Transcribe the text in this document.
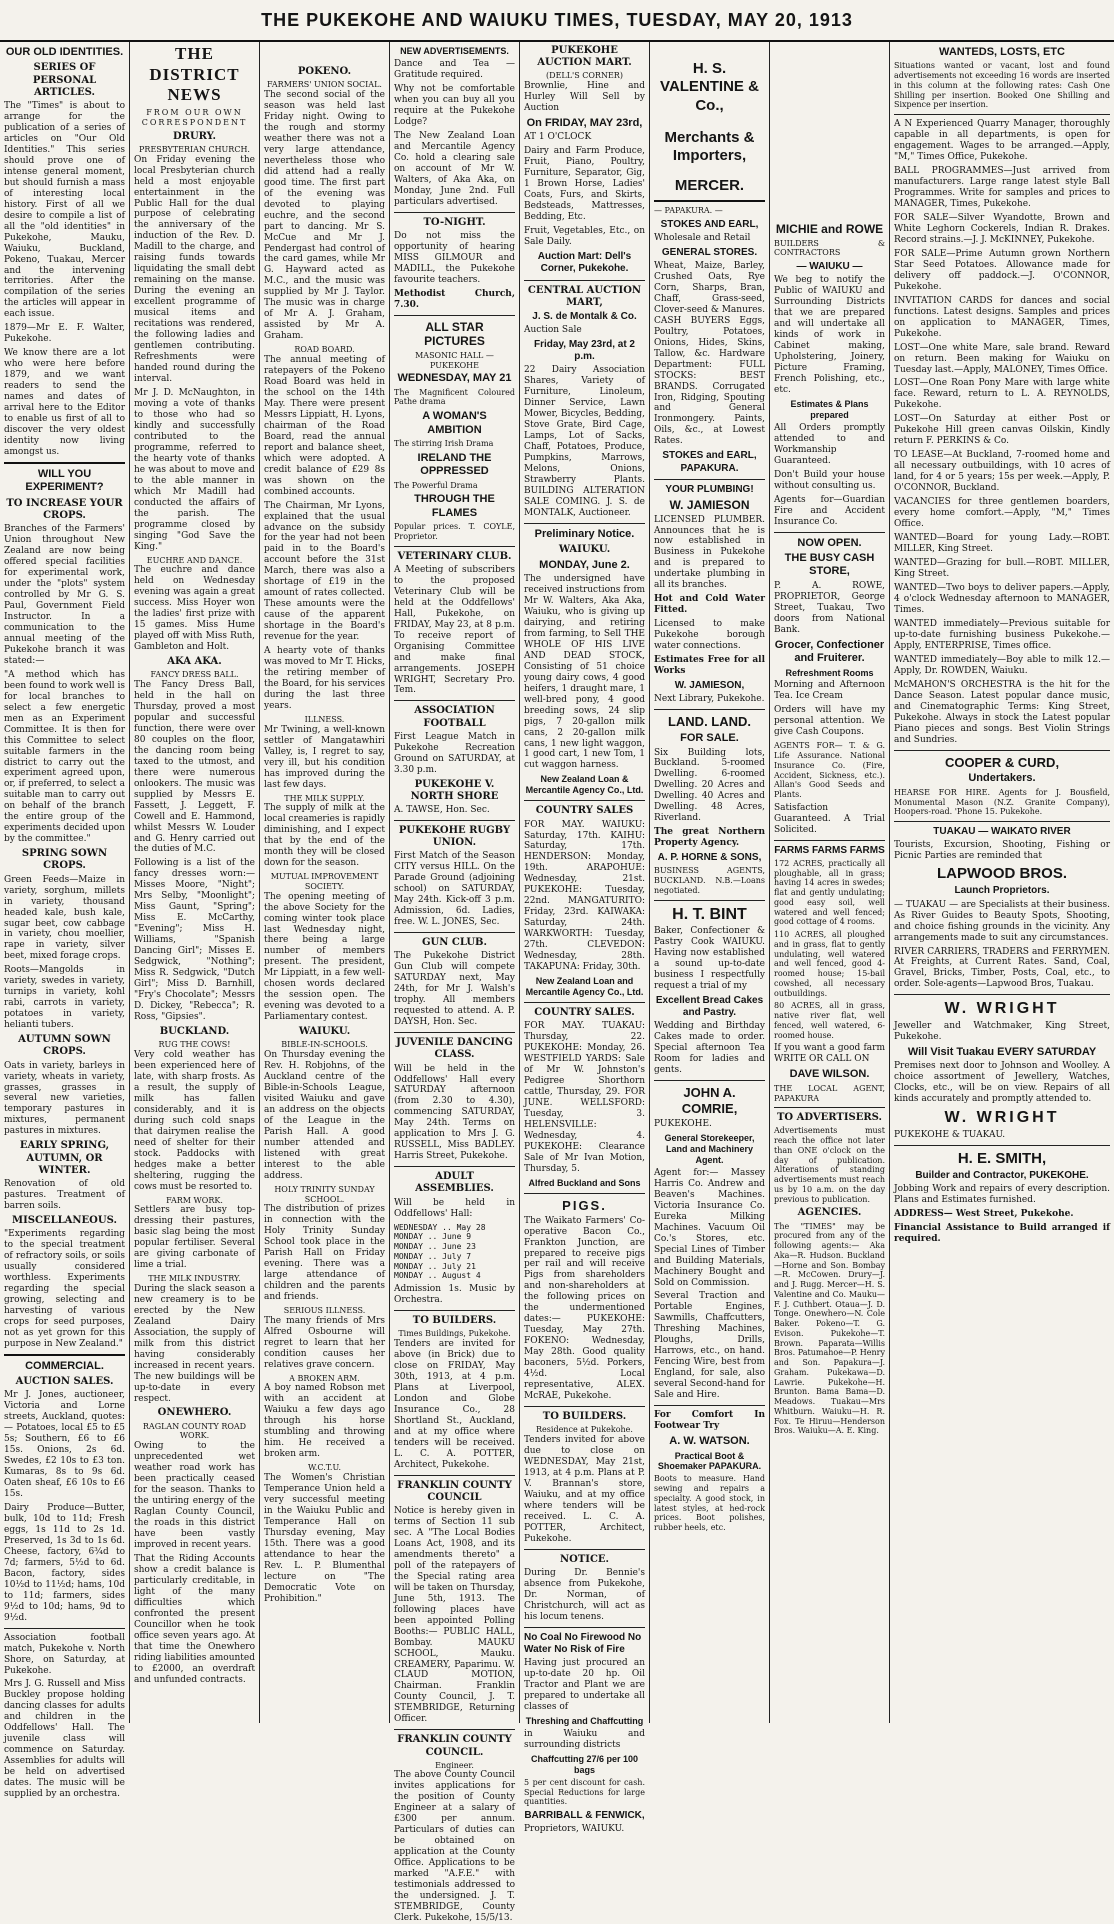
THE PUKEKOHE AND WAIUKU TIMES, TUESDAY, MAY 20, 1913
OUR OLD IDENTITIES.
SERIES OF PERSONAL ARTICLES.

The "Times" is about to arrange for the publication of a series of articles on "Our Old Identities." This series should prove one of intense general moment, but should furnish a mass of interesting local history. First of all we desire to compile a list of all the "old identities" in Pukekohe, Mauku, Waiuku, Buckland, Pokeno, Tuakau, Mercer and the intervening territories. After the compilation of the series the articles will appear in each issue.

1879—Mr E. F. Walter, Pukekohe.

We know there are a lot who were here before 1879, and we want readers to send the names and dates of arrival here to the Editor to enable us first of all to discover the very oldest identity now living amongst us.

WILL YOU EXPERIMENT?
TO INCREASE YOUR CROPS.

Branches of the Farmers' Union throughout New Zealand are now being offered special facilities for experimental work, under the "plots" system controlled by Mr G. S. Paul, Government Field Instructor. In a communication to the annual meeting of the Pukekohe branch it was stated:—

"A method which has been found to work well is for local branches to select a few energetic men as an Experiment Committee. It is then for this Committee to select suitable farmers in the district to carry out the experiment agreed upon, or, if preferred, to select a suitable man to carry out on behalf of the branch the entire group of the experiments decided upon by the committee."

SPRING SOWN CROPS.

Green Feeds—Maize in variety, sorghum, millets in variety, thousand headed kale, bush kale, sugar beet, cow cabbage in variety, chou moellier, rape in variety, silver beet, mixed forage crops.

Roots—Mangolds in variety, swedes in variety, turnips in variety, kohl rabi, carrots in variety, potatoes in variety, helianti tubers.

AUTUMN SOWN CROPS.

Oats in variety, barleys in variety, wheats in variety, grasses, grasses in several new varieties, temporary pastures in mixtures, permanent pastures in mixtures.

EARLY SPRING, AUTUMN, OR WINTER.

Renovation of old pastures. Treatment of barren soils.

MISCELLANEOUS.

"Experiments regarding to the special treatment of refractory soils, or soils usually considered worthless. Experiments regarding the special growing, selecting and harvesting of various crops for seed purposes, not as yet grown for this purpose in New Zealand."

COMMERCIAL.
AUCTION SALES.

Mr J. Jones, auctioneer, Victoria and Lorne streets, Auckland, quotes:— Potatoes, local £5 to £5 5s; Southern, £6 to £6 15s. Onions, 2s 6d. Swedes, £2 10s to £3 ton. Kumaras, 8s to 9s 6d. Oaten sheaf, £6 10s to £6 15s.

Dairy Produce—Butter, bulk, 10d to 11d; Fresh eggs, 1s 11d to 2s 1d. Preserved, 1s 3d to 1s 6d. Cheese, factory, 6¾d to 7d; farmers, 5½d to 6d. Bacon, factory, sides 10½d to 11½d; hams, 10d to 11d; farmers, sides 9½d to 10d; hams, 9d to 9½d.

Association football match, Pukekohe v. North Shore, on Saturday, at Pukekohe.

Mrs J. G. Russell and Miss Buckley propose holding dancing classes for adults and children in the Oddfellows' Hall. The juvenile class will commence on Saturday. Assemblies for adults will be held on advertised dates. The music will be supplied by an orchestra.

THE DISTRICT NEWS
FROM OUR OWN CORRESPONDENT
DRURY.
PRESBYTERIAN CHURCH.

On Friday evening the local Presbyterian church held a most enjoyable entertainment in the Public Hall for the dual purpose of celebrating the anniversary of the induction of the Rev. D. Madill to the charge, and raising funds towards liquidating the small debt remaining on the manse. During the evening an excellent programme of musical items and recitations was rendered, the following ladies and gentlemen contributing. Refreshments were handed round during the interval.

Mr J. D. McNaughton, in moving a vote of thanks to those who had so kindly and successfully contributed to the programme, referred to the hearty vote of thanks he was about to move and to the able manner in which Mr Madill had conducted the affairs of the parish. The programme closed by singing "God Save the King."

EUCHRE AND DANCE.

The euchre and dance held on Wednesday evening was again a great success. Miss Hoyer won the ladies' first prize with 15 games. Miss Hume played off with Miss Ruth, Gambleton and Holt.

AKA AKA.
FANCY DRESS BALL.

The Fancy Dress Ball, held in the hall on Thursday, proved a most popular and successful function, there were over 80 couples on the floor, the dancing room being taxed to the utmost, and there were numerous onlookers. The music was supplied by Messrs E. Fassett, J. Leggett, F. Cowell and E. Hammond, whilst Messrs W. Louder and G. Henry carried out the duties of M.C.

Following is a list of the fancy dresses worn:—Misses Moore, "Night"; Mrs Selby, "Moonlight"; Miss Gaunt, "Spring"; Miss E. McCarthy, "Evening"; Miss H. Williams, "Spanish Dancing Girl"; Misses E. Sedgwick, "Nothing"; Miss R. Sedgwick, "Dutch Girl"; Miss D. Barnhill, "Fry's Chocolate"; Messrs D. Dickey, "Rebecca"; R. Ross, "Gipsies".

BUCKLAND.
RUG THE COWS!

Very cold weather has been experienced here of late, with sharp frosts. As a result, the supply of milk has fallen considerably, and it is during such cold snaps that dairymen realise the need of shelter for their stock. Paddocks with hedges make a better sheltering, rugging the cows must be resorted to.

FARM WORK.

Settlers are busy top-dressing their pastures, basic slag being the most popular fertiliser. Several are giving carbonate of lime a trial.

THE MILK INDUSTRY.

During the slack season a new creamery is to be erected by the New Zealand Dairy Association, the supply of milk from this district having considerably increased in recent years. The new buildings will be up-to-date in every respect.

ONEWHERO.
RAGLAN COUNTY ROAD WORK.

Owing to the unprecedented wet weather road work has been practically ceased for the season. Thanks to the untiring energy of the Raglan County Council, the roads in this district have been vastly improved in recent years.

That the Riding Accounts show a credit balance is particularly creditable, in light of the many difficulties which confronted the present Councillor when he took office seven years ago. At that time the Onewhero riding liabilities amounted to £2000, an overdraft and unfunded contracts.

POKENO.
FARMERS' UNION SOCIAL.

The second social of the season was held last Friday night. Owing to the rough and stormy weather there was not a very large attendance, nevertheless those who did attend had a really good time. The first part of the evening was devoted to playing euchre, and the second part to dancing. Mr S. McCue and Mr J. Pendergast had control of the card games, while Mr G. Hayward acted as M.C., and the music was supplied by Mr J. Taylor. The music was in charge of Mr A. J. Graham, assisted by Mr A. Graham.

ROAD BOARD.

The annual meeting of ratepayers of the Pokeno Road Board was held in the school on the 14th May. There were present Messrs Lippiatt, H. Lyons, chairman of the Road Board, read the annual report and balance sheet, which were adopted. A credit balance of £29 8s was shown on the combined accounts.

The Chairman, Mr Lyons, explained that the usual advance on the subsidy for the year had not been paid in to the Board's account before the 31st March, there was also a shortage of £19 in the amount of rates collected. These amounts were the cause of the apparent shortage in the Board's revenue for the year.

A hearty vote of thanks was moved to Mr T. Hicks, the retiring member of the Board, for his services during the last three years.

ILLNESS.

Mr Twining, a well-known settler of Mangatawhiri Valley, is, I regret to say, very ill, but his condition has improved during the last few days.

THE MILK SUPPLY.

The supply of milk at the local creameries is rapidly diminishing, and I expect that by the end of the month they will be closed down for the season.

MUTUAL IMPROVEMENT SOCIETY.

The opening meeting of the above Society for the coming winter took place last Wednesday night, there being a large number of members present. The president, Mr Lippiatt, in a few well-chosen words declared the session open. The evening was devoted to a Parliamentary contest.

WAIUKU.
BIBLE-IN-SCHOOLS.

On Thursday evening the Rev. H. Robjohns, of the Auckland centre of the Bible-in-Schools League, visited Waiuku and gave an address on the objects of the League in the Parish Hall. A good number attended and listened with great interest to the able address.

HOLY TRINITY SUNDAY SCHOOL.

The distribution of prizes in connection with the Holy Trinity Sunday School took place in the Parish Hall on Friday evening. There was a large attendance of children and the parents and friends.

SERIOUS ILLNESS.

The many friends of Mrs Alfred Osbourne will regret to learn that her condition causes her relatives grave concern.

A BROKEN ARM.

A boy named Robson met with an accident at Waiuku a few days ago through his horse stumbling and throwing him. He received a broken arm.

W.C.T.U.

The Women's Christian Temperance Union held a very successful meeting in the Waiuku Public and Temperance Hall on Thursday evening, May 15th. There was a good attendance to hear the Rev. L. P. Blumenthal lecture on "The Democratic Vote on Prohibition."

NEW ADVERTISEMENTS.

Dance and Tea — Gratitude required.

Why not be comfortable when you can buy all you require at the Pukekohe Lodge?

The New Zealand Loan and Mercantile Agency Co. hold a clearing sale on account of Mr W. Walters, of Aka Aka, on Monday, June 2nd. Full particulars advertised.

TO-NIGHT.

Do not miss the opportunity of hearing MISS GILMOUR and MADILL, the Pukekohe favourite teachers.

Methodist Church, 7.30.

ALL STAR PICTURES
MASONIC HALL — PUKEKOHE
WEDNESDAY, MAY 21

The Magnificent Coloured Pathe drama

A WOMAN'S AMBITION

The stirring Irish Drama

IRELAND THE OPPRESSED

The Powerful Drama

THROUGH THE FLAMES

Popular prices. T. COYLE, Proprietor.

VETERINARY CLUB.

A Meeting of subscribers to the proposed Veterinary Club will be held at the Oddfellows' Hall, Pukekohe, on FRIDAY, May 23, at 8 p.m. To receive report of Organising Committee and make final arrangements. JOSEPH WRIGHT, Secretary Pro. Tem.

ASSOCIATION FOOTBALL

First League Match in Pukekohe Recreation Ground on SATURDAY, at 3.30 p.m.

PUKEKOHE V. NORTH SHORE

A. TAWSE, Hon. Sec.

PUKEKOHE RUGBY UNION.

First Match of the Season CITY versus HILL. On the Parade Ground (adjoining school) on SATURDAY, May 24th. Kick-off 3 p.m. Admission, 6d. Ladies, free. W. L. JONES, Sec.

GUN CLUB.

The Pukekohe District Gun Club will compete SATURDAY next, May 24th, for Mr J. Walsh's trophy. All members requested to attend. A. P. DAYSH, Hon. Sec.

JUVENILE DANCING CLASS.

Will be held in the Oddfellows' Hall every SATURDAY afternoon (from 2.30 to 4.30), commencing SATURDAY, May 24th. Terms on application to Mrs J. G. RUSSELL, Miss BADLEY. Harris Street, Pukekohe.

ADULT ASSEMBLIES.

Will be held in Oddfellows' Hall:

WEDNESDAY .. May 28
MONDAY .. June 9
MONDAY .. June 23
MONDAY .. July 7
MONDAY .. July 21
MONDAY .. August 4

Admission 1s. Music by Orchestra.

TO BUILDERS.
Times Buildings, Pukekohe.

Tenders are invited for above (in Brick) due to close on FRIDAY, May 30th, 1913, at 4 p.m. Plans at Liverpool, London and Globe Insurance Co., 28 Shortland St., Auckland, and at my office where tenders will be received. L. C. A. POTTER, Architect, Pukekohe.

FRANKLIN COUNTY COUNCIL

Notice is hereby given in terms of Section 11 sub sec. A "The Local Bodies Loans Act, 1908, and its amendments thereto" a poll of the ratepayers of the Special rating area will be taken on Thursday, June 5th, 1913. The following places have been appointed Polling Booths:— PUBLIC HALL, Bombay. MAUKU SCHOOL, Mauku. CREAMERY, Paparimu. W. CLAUD MOTION, Chairman. Franklin County Council, J. T. STEMBRIDGE, Returning Officer.

FRANKLIN COUNTY COUNCIL.
Engineer.

The above County Council invites applications for the position of County Engineer at a salary of £300 per annum. Particulars of duties can be obtained on application at the County Office. Applications to be marked "A.F.E." with testimonials addressed to the undersigned. J. T. STEMBRIDGE, County Clerk. Pukekohe, 15/5/13.

PUKEKOHE AUCTION MART.
(DELL'S CORNER)

Brownlie, Hine and Hurley Will Sell by Auction

On FRIDAY, MAY 23rd,

AT 1 O'CLOCK

Dairy and Farm Produce, Fruit, Piano, Poultry, Furniture, Separator, Gig, 1 Brown Horse, Ladies' Coats, Furs, and Skirts, Bedsteads, Mattresses, Bedding, Etc.

Fruit, Vegetables, Etc., on Sale Daily.

Auction Mart: Dell's Corner, Pukekohe.
CENTRAL AUCTION MART,
J. S. de Montalk & Co.

Auction Sale

Friday, May 23rd, at 2 p.m.

22 Dairy Association Shares, Variety of Furniture, Linoleum, Dinner Service, Lawn Mower, Bicycles, Bedding, Stove Grate, Bird Cage, Lamps, Lot of Sacks, Chaff, Potatoes, Produce, Pumpkins, Marrows, Melons, Onions, Strawberry Plants. BUILDING ALTERATION SALE COMING. J. S. de MONTALK, Auctioneer.

Preliminary Notice.
WAIUKU.
MONDAY, June 2.

The undersigned have received instructions from Mr W. Walters, Aka Aka, Waiuku, who is giving up dairying, and retiring from farming, to Sell THE WHOLE OF HIS LIVE AND DEAD STOCK, Consisting of 51 choice young dairy cows, 4 good heifers, 1 draught mare, 1 well-bred pony, 4 good breeding sows, 24 slip pigs, 7 20-gallon milk cans, 2 20-gallon milk cans, 1 new light waggon, 1 good cart, 1 new Tom, 1 cut waggon harness.

New Zealand Loan & Mercantile Agency Co., Ltd.
COUNTRY SALES

FOR MAY. WAIUKU: Saturday, 17th. KAIHU: Saturday, 17th. HENDERSON: Monday, 19th. ARAPOHUE: Wednesday, 21st. PUKEKOHE: Tuesday, 22nd. MANGATURITO: Friday, 23rd. KAIWAKA: Saturday, 24th. WARKWORTH: Tuesday, 27th. CLEVEDON: Wednesday, 28th. TAKAPUNA: Friday, 30th.

New Zealand Loan and Mercantile Agency Co., Ltd.
COUNTRY SALES.

FOR MAY. TUAKAU: Thursday, 22. PUKEKOHE: Monday, 26. WESTFIELD YARDS: Sale of Mr W. Johnston's Pedigree Shorthorn cattle, Thursday, 29. FOR JUNE. WELLSFORD: Tuesday, 3. HELENSVILLE: Wednesday, 4. PUKEKOHE: Clearance Sale of Mr Ivan Motion, Thursday, 5.

Alfred Buckland and Sons
PIGS.

The Waikato Farmers' Co-operative Bacon Co., Frankton Junction, are prepared to receive pigs per rail and will receive Pigs from shareholders and non-shareholders at the following prices on the undermentioned dates:— PUKEKOHE: Tuesday, May 27th. FOKENO: Wednesday, May 28th. Good quality baconers, 5½d. Porkers, 4½d. Local representative, ALEX. McRAE, Pukekohe.

TO BUILDERS.
Residence at Pukekohe.

Tenders invited for above due to close on WEDNESDAY, May 21st, 1913, at 4 p.m. Plans at P. V. Brannan's store, Waiuku, and at my office where tenders will be received. L. C. A. POTTER, Architect, Pukekohe.

NOTICE.

During Dr. Bennie's absence from Pukekohe, Dr. Norman, of Christchurch, will act as his locum tenens.

No Coal No Firewood No Water No Risk of Fire

Having just procured an up-to-date 20 hp. Oil Tractor and Plant we are prepared to undertake all classes of

Threshing and Chaffcutting

in Waiuku and surrounding districts

Chaffcutting 27/6 per 100 bags

5 per cent discount for cash. Special Reductions for large quantities.

BARRIBALL & FENWICK,

Proprietors, WAIUKU.

H. S. VALENTINE & Co.,
Merchants & Importers,
MERCER.

— PAPAKURA. —

STOKES AND EARL,

Wholesale and Retail

GENERAL STORES.

Wheat, Maize, Barley, Crushed Oats, Rye Corn, Sharps, Bran, Chaff, Grass-seed, Clover-seed & Manures. CASH BUYERS Eggs, Poultry, Potatoes, Onions, Hides, Skins, Tallow, &c. Hardware Department: FULL STOCKS: BEST BRANDS. Corrugated Iron, Ridging, Spouting and General Ironmongery. Paints, Oils, &c., at Lowest Rates.

STOKES and EARL, PAPAKURA.
YOUR PLUMBING!
W. JAMIESON

LICENSED PLUMBER. Announces that he is now established in Business in Pukekohe and is prepared to undertake plumbing in all its branches.

Hot and Cold Water Fitted.

Licensed to make Pukekohe borough water connections.

Estimates Free for all Works

W. JAMIESON,

Next Library, Pukekohe.

LAND. LAND.
FOR SALE.

Six Building lots, Buckland. 5-roomed Dwelling. 6-roomed Dwelling. 20 Acres and Dwelling. 40 Acres and Dwelling. 48 Acres, Riverland.

The great Northern Property Agency.

A. P. HORNE & SONS,

BUSINESS AGENTS, BUCKLAND. N.B.—Loans negotiated.

H. T. BINT

Baker, Confectioner & Pastry Cook WAIUKU. Having now established a sound up-to-date business I respectfully request a trial of my

Excellent Bread Cakes and Pastry.

Wedding and Birthday Cakes made to order. Special afternoon Tea Room for ladies and gents.

JOHN A. COMRIE,

PUKEKOHE.

General Storekeeper, Land and Machinery Agent.

Agent for:— Massey Harris Co. Andrew and Beaven's Machines. Victoria Insurance Co. Eureka Milking Machines. Vacuum Oil Co.'s Stores, etc. Special Lines of Timber and Building Materials, Machinery Bought and Sold on Commission.

Several Traction and Portable Engines, Sawmills, Chaffcutters, Threshing Machines, Ploughs, Drills, Harrows, etc., on hand. Fencing Wire, best from England, for sale, also several Second-hand for Sale and Hire.

For Comfort In Footwear Try

A. W. WATSON.
Practical Boot & Shoemaker PAPAKURA.

Boots to measure. Hand sewing and repairs a specialty. A good stock, in latest styles, at hed-rock prices. Boot polishes, rubber heels, etc.

MICHIE and ROWE

BUILDERS & CONTRACTORS

— WAIUKU —

We beg to notify the Public of WAIUKU and Surrounding Districts that we are prepared and will undertake all kinds of work in Cabinet making, Upholstering, Joinery, Picture Framing, French Polishing, etc., etc.

Estimates & Plans prepared

All Orders promptly attended to and Workmanship Guaranteed.

Don't Build your house without consulting us.

Agents for—Guardian Fire and Accident Insurance Co.

NOW OPEN.
THE BUSY CASH STORE,

P. A. ROWE, PROPRIETOR, George Street, Tuakau, Two doors from National Bank.

Grocer, Confectioner and Fruiterer.
Refreshment Rooms

Morning and Afternoon Tea. Ice Cream

Orders will have my personal attention. We give Cash Coupons.

AGENTS FOR— T. & G. Life Assurance. National Insurance Co. (Fire, Accident, Sickness, etc.). Allan's Good Seeds and Plants.

Satisfaction Guaranteed. A Trial Solicited.

FARMS FARMS FARMS

172 ACRES, practically all ploughable, all in grass; having 14 acres in swedes; flat and gently undulating; good easy soil, well watered and well fenced; good cottage of 4 rooms.

110 ACRES, all ploughed and in grass, flat to gently undulating, well watered and well fenced, good 4-roomed house; 15-bail cowshed, all necessary outbuildings.

80 ACRES, all in grass, native river flat, well fenced, well watered, 6-roomed house.

If you want a good farm WRITE OR CALL ON

DAVE WILSON.

THE LOCAL AGENT, PAPAKURA

TO ADVERTISERS.

Advertisements must reach the office not later than ONE o'clock on the day of publication. Alterations of standing advertisements must reach us by 10 a.m. on the day previous to publication.

AGENCIES.

The "TIMES" may be procured from any of the following agents:— Aka Aka—R. Hudson. Buckland—Horne and Son. Bombay—R. McCowen. Drury—J. and J. Rugg. Mercer—H. S. Valentine and Co. Mauku—F. J. Cuthbert. Otaua—J. D. Tonge. Onewhero—N. Cole Baker. Pokeno—T. G. Evison. Pukekohe—T. Brown. Paparata—Willis Bros. Patumahoe—P. Henry and Son. Papakura—J. Graham. Pukekawa—D. Lawrie. Pukekohe—H. Brunton. Bama Bama—D. Meadows. Tuakau—Mrs Whitburn. Waiuku—H. R. Fox. Te Hiruu—Henderson Bros. Waiuku—A. E. King.

WANTEDS, LOSTS, ETC

Situations wanted or vacant, lost and found advertisements not exceeding 16 words are inserted in this column at the following rates: Cash One Shilling per insertion. Booked One Shilling and Sixpence per insertion.

A N Experienced Quarry Manager, thoroughly capable in all departments, is open for engagement. Wages to be arranged.—Apply, "M," Times Office, Pukekohe.

BALL PROGRAMMES—Just arrived from manufacturers. Large range latest style Ball Programmes. Write for samples and prices to MANAGER, Times, Pukekohe.

FOR SALE—Silver Wyandotte, Brown and White Leghorn Cockerels, Indian R. Drakes. Record strains.—J. J. McKINNEY, Pukekohe.

FOR SALE—Prime Autumn grown Northern Star Seed Potatoes. Allowance made for delivery off paddock.—J. O'CONNOR, Pukekohe.

INVITATION CARDS for dances and social functions. Latest designs. Samples and prices on application to MANAGER, Times, Pukekohe.

LOST—One white Mare, sale brand. Reward on return. Been making for Waiuku on Tuesday last.—Apply, MALONEY, Times Office.

LOST—One Roan Pony Mare with large white face. Reward, return to L. A. REYNOLDS, Pukekohe.

LOST—On Saturday at either Post or Pukekohe Hill green canvas Oilskin, Kindly return F. PERKINS & Co.

TO LEASE—At Buckland, 7-roomed home and all necessary outbuildings, with 10 acres of land, for 4 or 5 years; 15s per week.—Apply, P. O'CONNOR, Buckland.

VACANCIES for three gentlemen boarders, every home comfort.—Apply, "M," Times Office.

WANTED—Board for young Lady.—ROBT. MILLER, King Street.

WANTED—Grazing for bull.—ROBT. MILLER, King Street.

WANTED—Two boys to deliver papers.—Apply, 4 o'clock Wednesday afternoon to MANAGER, Times.

WANTED immediately—Previous suitable for up-to-date furnishing business Pukekohe.—Apply, ENTERPRISE, Times office.

WANTED immediately—Boy able to milk 12.—Apply, Dr. ROWDEN, Waiuku.

McMAHON'S ORCHESTRA is the hit for the Dance Season. Latest popular dance music, and Cinematographic Terms: King Street, Pukekohe. Always in stock the Latest popular Piano pieces and songs. Best Violin Strings and Sundries.

COOPER & CURD,
Undertakers.

HEARSE FOR HIRE. Agents for J. Bousfield, Monumental Mason (N.Z. Granite Company), Hoopers-road. 'Phone 15. Pukekohe.

TUAKAU — WAIKATO RIVER

Tourists, Excursion, Shooting, Fishing or Picnic Parties are reminded that

LAPWOOD BROS.
Launch Proprietors.

— TUAKAU — are Specialists at their business. As River Guides to Beauty Spots, Shooting, and choice fishing grounds in the vicinity. Any arrangements made to suit any circumstances.

RIVER CARRIERS, TRADERS and FERRYMEN. At Freights, at Current Rates. Sand, Coal, Gravel, Bricks, Timber, Posts, Coal, etc., to order. Sole-agents—Lapwood Bros, Tuakau.

W. WRIGHT

Jeweller and Watchmaker, King Street, Pukekohe.

Will Visit Tuakau EVERY SATURDAY

Premises next door to Johnson and Woolley. A choice assortment of Jewellery, Watches, Clocks, etc., will be on view. Repairs of all kinds accurately and promptly attended to.

W. WRIGHT

PUKEKOHE & TUAKAU.

H. E. SMITH,
Builder and Contractor, PUKEKOHE.

Jobbing Work and repairs of every description. Plans and Estimates furnished.

ADDRESS— West Street, Pukekohe.

Financial Assistance to Build arranged if required.
